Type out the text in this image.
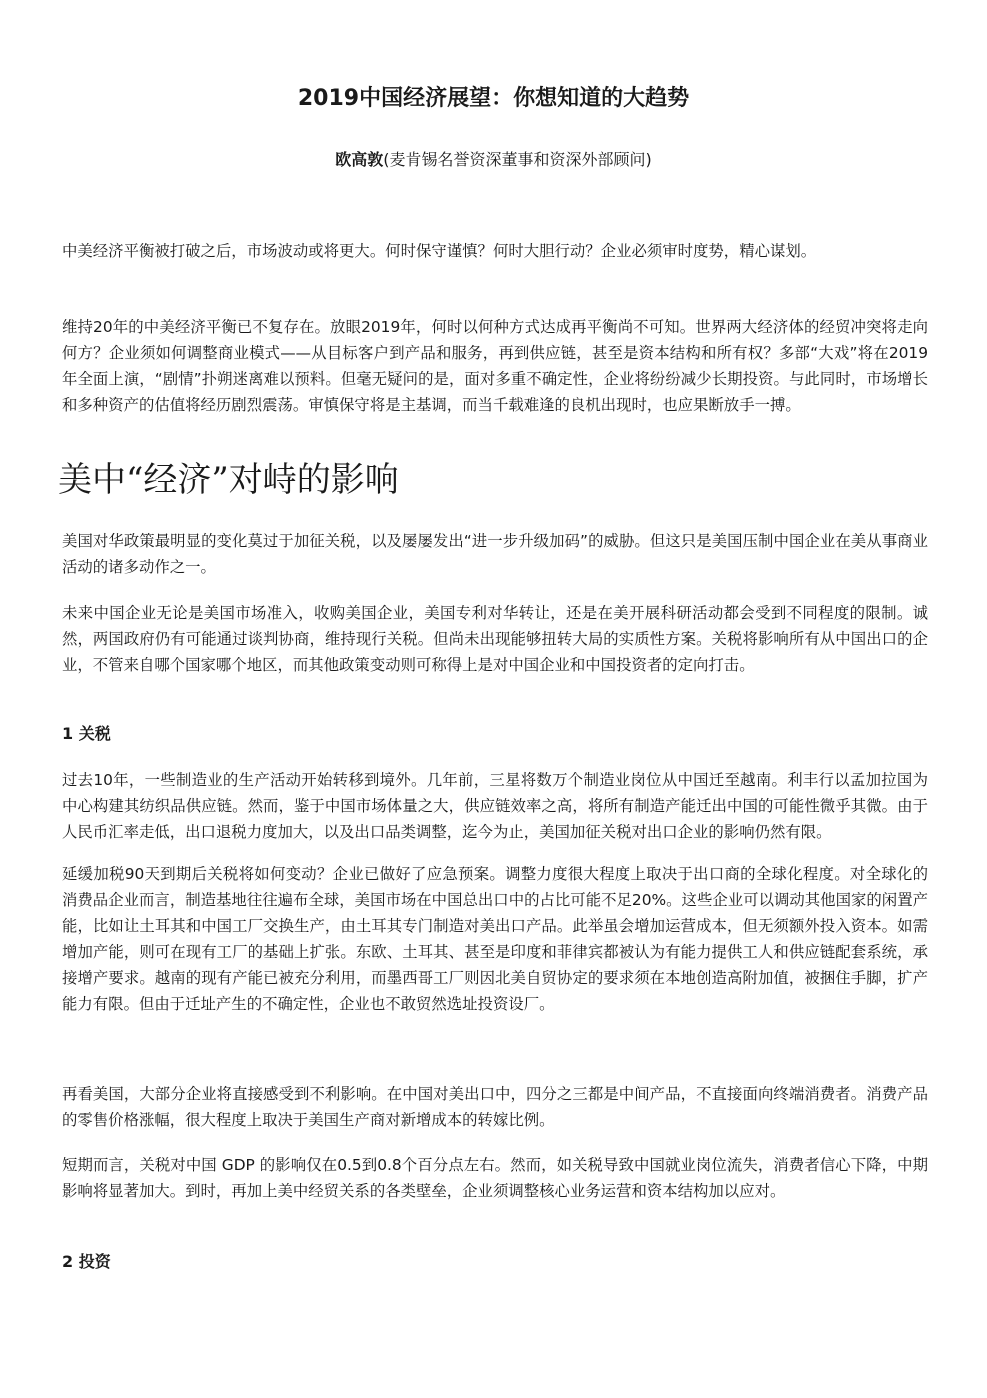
2019中国经济展望：你想知道的大趋势

欧高敦(麦肯锡名誉资深董事和资深外部顾问)

中美经济平衡被打破之后，市场波动或将更大。何时保守谨慎？何时大胆行动？企业必须审时度势，精心谋划。

维持20年的中美经济平衡已不复存在。放眼2019年，何时以何种方式达成再平衡尚不可知。世界两大经济体的经贸冲突将走向何方？企业须如何调整商业模式——从目标客户到产品和服务，再到供应链，甚至是资本结构和所有权？多部“大戏”将在2019年全面上演，“剧情”扑朔迷离难以预料。但毫无疑问的是，面对多重不确定性，企业将纷纷减少长期投资。与此同时，市场增长和多种资产的估值将经历剧烈震荡。审慎保守将是主基调，而当千载难逢的良机出现时，也应果断放手一搏。

美中“经济”对峙的影响

美国对华政策最明显的变化莫过于加征关税，以及屡屡发出“进一步升级加码”的威胁。但这只是美国压制中国企业在美从事商业活动的诸多动作之一。

未来中国企业无论是美国市场准入，收购美国企业，美国专利对华转让，还是在美开展科研活动都会受到不同程度的限制。诚然，两国政府仍有可能通过谈判协商，维持现行关税。但尚未出现能够扭转大局的实质性方案。关税将影响所有从中国出口的企业，不管来自哪个国家哪个地区，而其他政策变动则可称得上是对中国企业和中国投资者的定向打击。

1 关税

过去10年，一些制造业的生产活动开始转移到境外。几年前，三星将数万个制造业岗位从中国迁至越南。利丰行以孟加拉国为中心构建其纺织品供应链。然而，鉴于中国市场体量之大，供应链效率之高，将所有制造产能迁出中国的可能性微乎其微。由于人民币汇率走低，出口退税力度加大，以及出口品类调整，迄今为止，美国加征关税对出口企业的影响仍然有限。

延缓加税90天到期后关税将如何变动？企业已做好了应急预案。调整力度很大程度上取决于出口商的全球化程度。对全球化的消费品企业而言，制造基地往往遍布全球，美国市场在中国总出口中的占比可能不足20%。这些企业可以调动其他国家的闲置产能，比如让土耳其和中国工厂交换生产，由土耳其专门制造对美出口产品。此举虽会增加运营成本，但无须额外投入资本。如需增加产能，则可在现有工厂的基础上扩张。东欧、土耳其、甚至是印度和菲律宾都被认为有能力提供工人和供应链配套系统，承接增产要求。越南的现有产能已被充分利用，而墨西哥工厂则因北美自贸协定的要求须在本地创造高附加值，被捆住手脚，扩产能力有限。但由于迁址产生的不确定性，企业也不敢贸然选址投资设厂。

再看美国，大部分企业将直接感受到不利影响。在中国对美出口中，四分之三都是中间产品，不直接面向终端消费者。消费产品的零售价格涨幅，很大程度上取决于美国生产商对新增成本的转嫁比例。

短期而言，关税对中国 GDP 的影响仅在0.5到0.8个百分点左右。然而，如关税导致中国就业岗位流失，消费者信心下降，中期影响将显著加大。到时，再加上美中经贸关系的各类壁垒，企业须调整核心业务运营和资本结构加以应对。

2 投资
